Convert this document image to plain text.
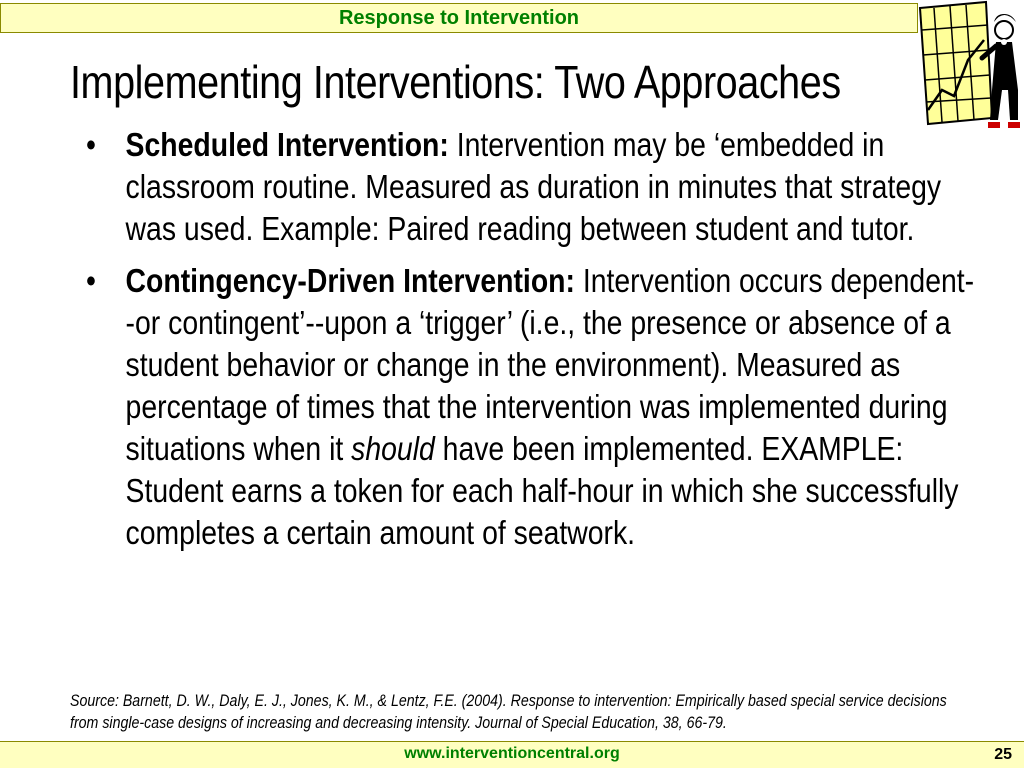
Response to Intervention
Implementing Interventions: Two Approaches
• Scheduled Intervention: Intervention may be ‘embedded in classroom routine. Measured as duration in minutes that strategy was used. Example: Paired reading between student and tutor.
• Contingency-Driven Intervention: Intervention occurs dependent--or contingent’--upon a ‘trigger’ (i.e., the presence or absence of a student behavior or change in the environment). Measured as percentage of times that the intervention was implemented during situations when it should have been implemented. EXAMPLE: Student earns a token for each half-hour in which she successfully completes a certain amount of seatwork.
Source: Barnett, D. W., Daly, E. J., Jones, K. M., & Lentz, F.E. (2004). Response to intervention: Empirically based special service decisions from single-case designs of increasing and decreasing intensity. Journal of Special Education, 38, 66-79.
www.interventioncentral.org	25
